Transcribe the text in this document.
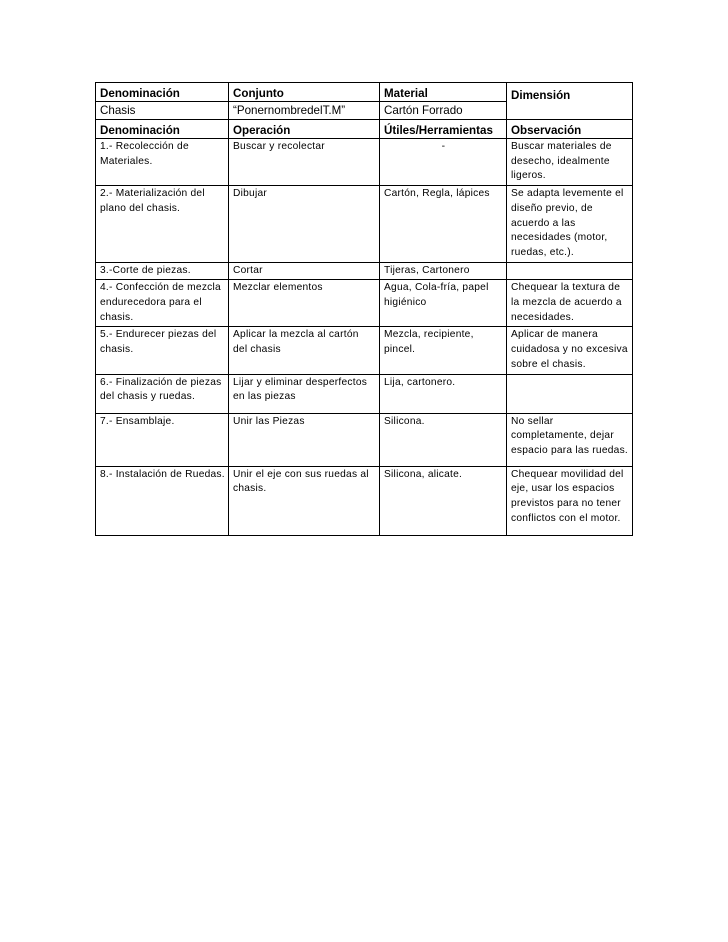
Denominación	Conjunto	Material	Dimensión
Chasis	“PonernombredelT.M”	Cartón Forrado	
Denominación	Operación	Útiles/Herramientas	Observación
1.- Recolección de Materiales.	Buscar y recolectar	-	Buscar materiales de desecho, idealmente ligeros.
2.- Materialización del plano del chasis.	Dibujar	Cartón, Regla, lápices	Se adapta levemente el diseño previo, de acuerdo a las necesidades (motor, ruedas, etc.).
3.-Corte de piezas.	Cortar	Tijeras, Cartonero	
4.- Confección de mezcla endurecedora para el chasis.	Mezclar elementos	Agua, Cola-fría, papel higiénico	Chequear la textura de la mezcla de acuerdo a necesidades.
5.- Endurecer piezas del chasis.	Aplicar la mezcla al cartón del chasis	Mezcla, recipiente, pincel.	Aplicar de manera cuidadosa y no excesiva sobre el chasis.
6.- Finalización de piezas del chasis y ruedas.	Lijar y eliminar desperfectos en las piezas	Lija, cartonero.	
7.- Ensamblaje.	Unir las Piezas	Silicona.	No sellar completamente, dejar espacio para las ruedas.
8.- Instalación de Ruedas.	Unir el eje con sus ruedas al chasis.	Silicona, alicate.	Chequear movilidad del eje, usar los espacios previstos para no tener conflictos con el motor.
